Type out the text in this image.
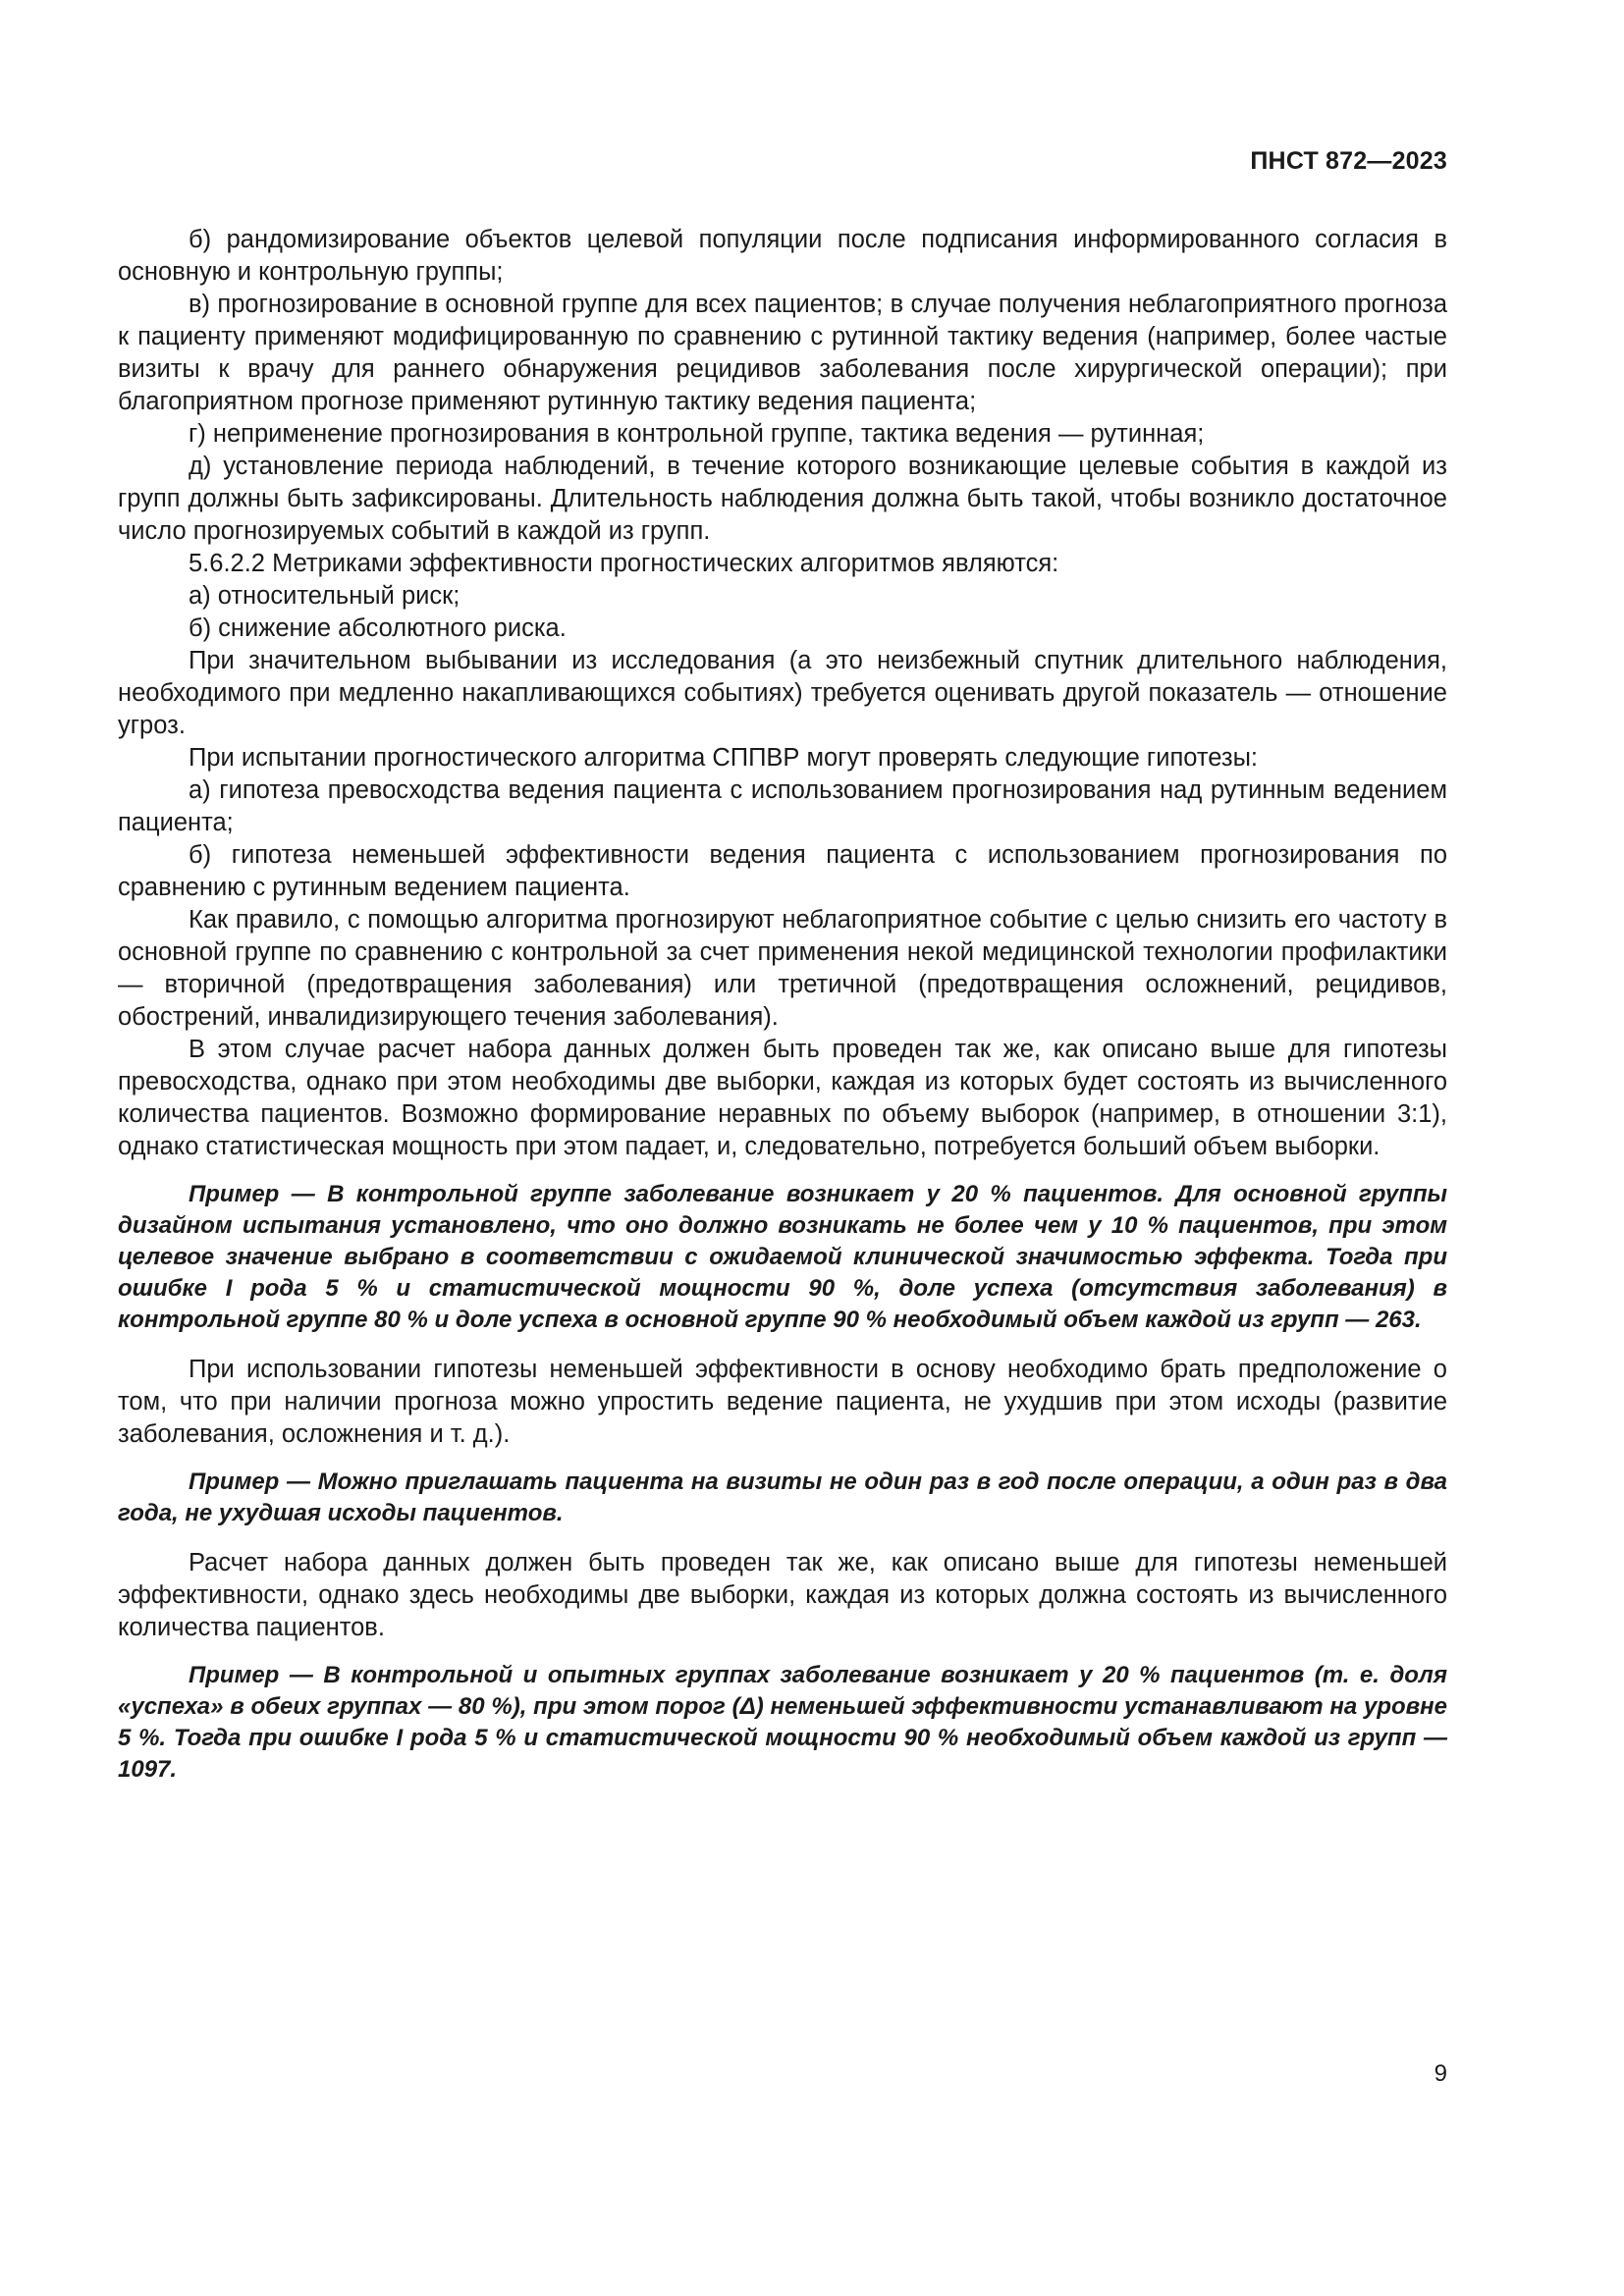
ПНСТ 872—2023

б) рандомизирование объектов целевой популяции после подписания информированного согласия в основную и контрольную группы;

в) прогнозирование в основной группе для всех пациентов; в случае получения неблагоприятного прогноза к пациенту применяют модифицированную по сравнению с рутинной тактику ведения (например, более частые визиты к врачу для раннего обнаружения рецидивов заболевания после хирургической операции); при благоприятном прогнозе применяют рутинную тактику ведения пациента;

г) неприменение прогнозирования в контрольной группе, тактика ведения — рутинная;

д) установление периода наблюдений, в течение которого возникающие целевые события в каждой из групп должны быть зафиксированы. Длительность наблюдения должна быть такой, чтобы возникло достаточное число прогнозируемых событий в каждой из групп.

5.6.2.2 Метриками эффективности прогностических алгоритмов являются:

а) относительный риск;

б) снижение абсолютного риска.

При значительном выбывании из исследования (а это неизбежный спутник длительного наблюдения, необходимого при медленно накапливающихся событиях) требуется оценивать другой показатель — отношение угроз.

При испытании прогностического алгоритма СППВР могут проверять следующие гипотезы:

а) гипотеза превосходства ведения пациента с использованием прогнозирования над рутинным ведением пациента;

б) гипотеза неменьшей эффективности ведения пациента с использованием прогнозирования по сравнению с рутинным ведением пациента.

Как правило, с помощью алгоритма прогнозируют неблагоприятное событие с целью снизить его частоту в основной группе по сравнению с контрольной за счет применения некой медицинской технологии профилактики — вторичной (предотвращения заболевания) или третичной (предотвращения осложнений, рецидивов, обострений, инвалидизирующего течения заболевания).

В этом случае расчет набора данных должен быть проведен так же, как описано выше для гипотезы превосходства, однако при этом необходимы две выборки, каждая из которых будет состоять из вычисленного количества пациентов. Возможно формирование неравных по объему выборок (например, в отношении 3:1), однако статистическая мощность при этом падает, и, следовательно, потребуется больший объем выборки.

Пример — В контрольной группе заболевание возникает у 20 % пациентов. Для основной группы дизайном испытания установлено, что оно должно возникать не более чем у 10 % пациентов, при этом целевое значение выбрано в соответствии с ожидаемой клинической значимостью эффекта. Тогда при ошибке I рода 5 % и статистической мощности 90 %, доле успеха (отсутствия заболевания) в контрольной группе 80 % и доле успеха в основной группе 90 % необходимый объем каждой из групп — 263.

При использовании гипотезы неменьшей эффективности в основу необходимо брать предположение о том, что при наличии прогноза можно упростить ведение пациента, не ухудшив при этом исходы (развитие заболевания, осложнения и т. д.).

Пример — Можно приглашать пациента на визиты не один раз в год после операции, а один раз в два года, не ухудшая исходы пациентов.

Расчет набора данных должен быть проведен так же, как описано выше для гипотезы неменьшей эффективности, однако здесь необходимы две выборки, каждая из которых должна состоять из вычисленного количества пациентов.

Пример — В контрольной и опытных группах заболевание возникает у 20 % пациентов (т. е. доля «успеха» в обеих группах — 80 %), при этом порог (Δ) неменьшей эффективности устанавливают на уровне 5 %. Тогда при ошибке I рода 5 % и статистической мощности 90 % необходимый объем каждой из групп — 1097.

9
